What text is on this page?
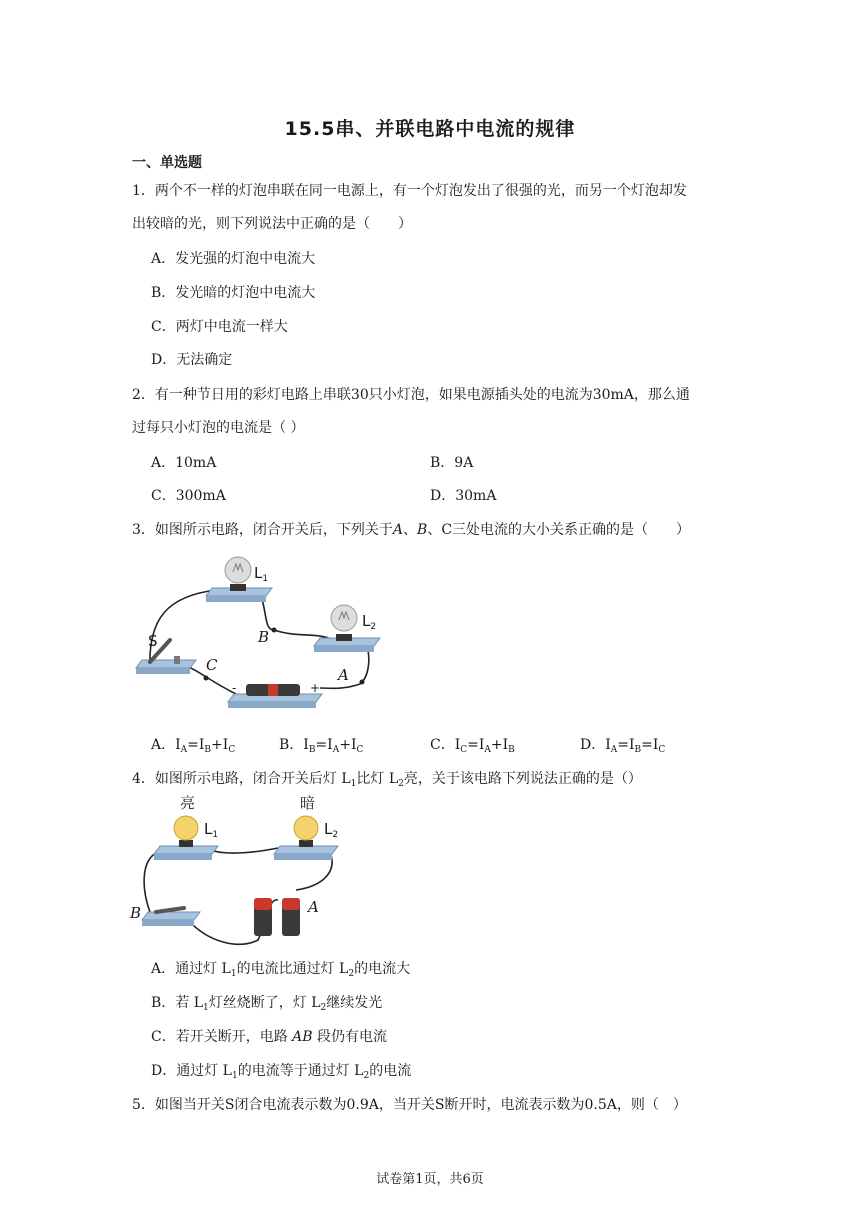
15.5串、并联电路中电流的规律
一、单选题
1．两个不一样的灯泡串联在同一电源上，有一个灯泡发出了很强的光，而另一个灯泡却发
出较暗的光，则下列说法中正确的是（　　）
A．发光强的灯泡中电流大
B．发光暗的灯泡中电流大
C．两灯中电流一样大
D．无法确定
2．有一种节日用的彩灯电路上串联30只小灯泡，如果电源插头处的电流为30mA，那么通
过每只小灯泡的电流是（ ）
A．10mA	B．9A
C．300mA	D．30mA
3．如图所示电路，闭合开关后，下列关于A、B、C三处电流的大小关系正确的是（　　）
$L_1$
$L_2$
S
-	+
B
C
A
A．$I_A=I_B+I_C$	B．$I_B=I_A+I_C$	C．$I_C=I_A+I_B$	D．$I_A=I_B=I_C$
4．如图所示电路，闭合开关后灯 $L_1$比灯 $L_2$亮，关于该电路下列说法正确的是（）
亮	暗
$L_1$	$L_2$
B	A
A．通过灯 $L_1$的电流比通过灯 $L_2$的电流大
B．若 $L_1$灯丝烧断了，灯 $L_2$继续发光
C．若开关断开，电路 AB 段仍有电流
D．通过灯 $L_1$的电流等于通过灯 $L_2$的电流
5．如图当开关S闭合电流表示数为0.9A，当开关S断开时，电流表示数为0.5A，则（　）
试卷第1页，共6页
